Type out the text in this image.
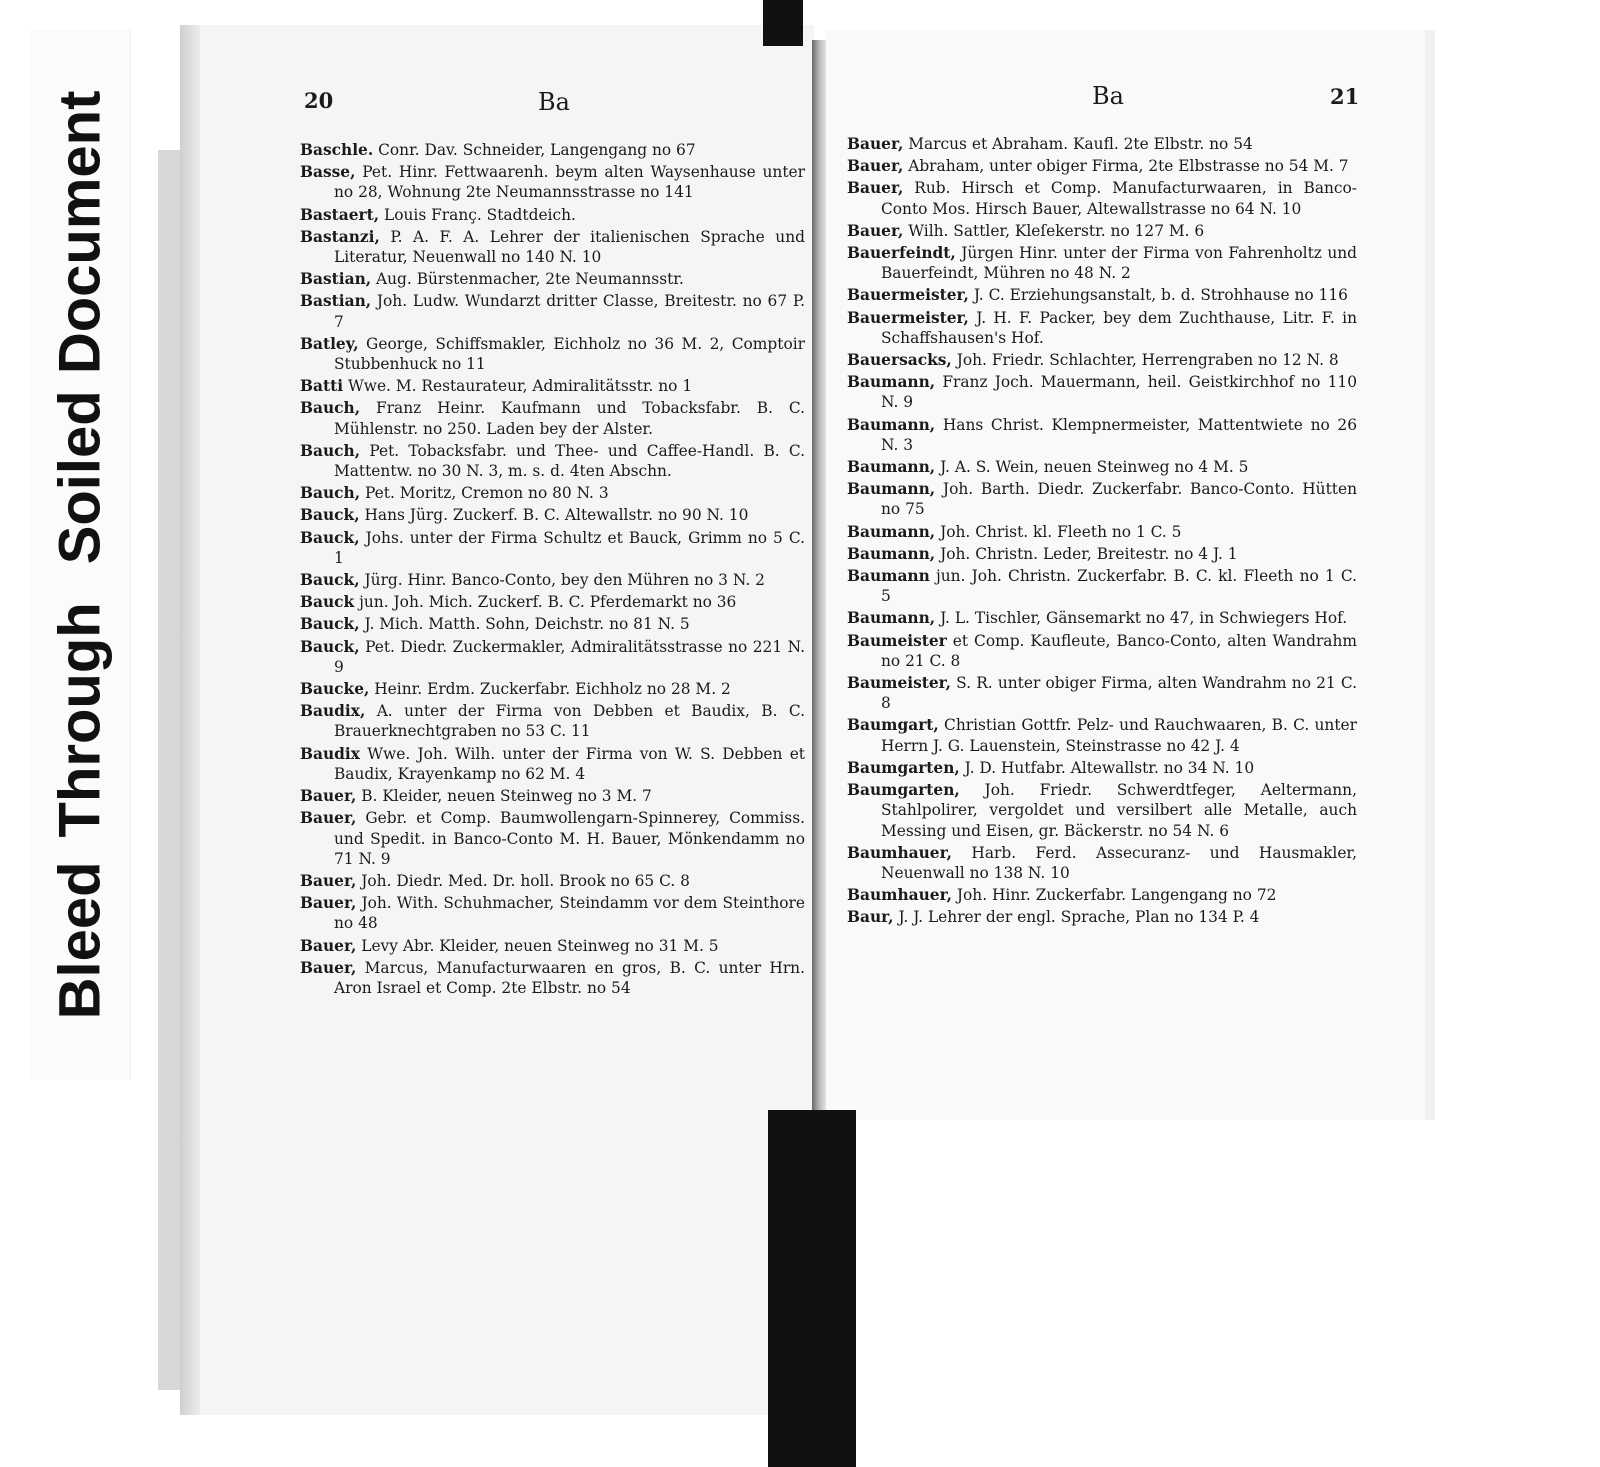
BleedThroughSoiled Document	20	Ba	Ba	21
Baschle. Conr. Dav. Schneider, Langengang no 67
Basse, Pet. Hinr. Fettwaarenh. beym alten Waysenhause unter no 28, Wohnung 2te Neumannsstrasse no 141
Bastaert, Louis Franç. Stadtdeich.
Bastanzi, P. A. F. A. Lehrer der italienischen Sprache und Literatur, Neuenwall no 140 N. 10
Bastian, Aug. Bürstenmacher, 2te Neumannsstr.
Bastian, Joh. Ludw. Wundarzt dritter Classe, Breitestr. no 67 P. 7
Batley, George, Schiffsmakler, Eichholz no 36 M. 2, Comptoir Stubbenhuck no 11
Batti Wwe. M. Restaurateur, Admiralitätsstr. no 1
Bauch, Franz Heinr. Kaufmann und Tobacksfabr. B. C. Mühlenstr. no 250. Laden bey der Alster.
Bauch, Pet. Tobacksfabr. und Thee- und Caffee-Handl. B. C. Mattentw. no 30 N. 3, m. s. d. 4ten Abschn.
Bauch, Pet. Moritz, Cremon no 80 N. 3
Bauck, Hans Jürg. Zuckerf. B. C. Altewallstr. no 90 N. 10
Bauck, Johs. unter der Firma Schultz et Bauck, Grimm no 5 C. 1
Bauck, Jürg. Hinr. Banco-Conto, bey den Mühren no 3 N. 2
Bauck jun. Joh. Mich. Zuckerf. B. C. Pferdemarkt no 36
Bauck, J. Mich. Matth. Sohn, Deichstr. no 81 N. 5
Bauck, Pet. Diedr. Zuckermakler, Admiralitätsstrasse no 221 N. 9
Baucke, Heinr. Erdm. Zuckerfabr. Eichholz no 28 M. 2
Baudix, A. unter der Firma von Debben et Baudix, B. C. Brauerknechtgraben no 53 C. 11
Baudix Wwe. Joh. Wilh. unter der Firma von W. S. Debben et Baudix, Krayenkamp no 62 M. 4
Bauer, B. Kleider, neuen Steinweg no 3 M. 7
Bauer, Gebr. et Comp. Baumwollengarn-Spinnerey, Commiss. und Spedit. in Banco-Conto M. H. Bauer, Mönkendamm no 71 N. 9
Bauer, Joh. Diedr. Med. Dr. holl. Brook no 65 C. 8
Bauer, Joh. With. Schuhmacher, Steindamm vor dem Steinthore no 48
Bauer, Levy Abr. Kleider, neuen Steinweg no 31 M. 5
Bauer, Marcus, Manufacturwaaren en gros, B. C. unter Hrn. Aron Israel et Comp. 2te Elbstr. no 54
Bauer, Marcus et Abraham. Kaufl. 2te Elbstr. no 54
Bauer, Abraham, unter obiger Firma, 2te Elbstrasse no 54 M. 7
Bauer, Rub. Hirsch et Comp. Manufacturwaaren, in Banco-Conto Mos. Hirsch Bauer, Altewallstrasse no 64 N. 10
Bauer, Wilh. Sattler, Kleſekerstr. no 127 M. 6
Bauerfeindt, Jürgen Hinr. unter der Firma von Fahrenholtz und Bauerfeindt, Mühren no 48 N. 2
Bauermeister, J. C. Erziehungsanstalt, b. d. Strohhause no 116
Bauermeister, J. H. F. Packer, bey dem Zuchthause, Litr. F. in Schaffshausen's Hof.
Bauersacks, Joh. Friedr. Schlachter, Herrengraben no 12 N. 8
Baumann, Franz Joch. Mauermann, heil. Geistkirchhof no 110 N. 9
Baumann, Hans Christ. Klempnermeister, Mattentwiete no 26 N. 3
Baumann, J. A. S. Wein, neuen Steinweg no 4 M. 5
Baumann, Joh. Barth. Diedr. Zuckerfabr. Banco-Conto. Hütten no 75
Baumann, Joh. Christ. kl. Fleeth no 1 C. 5
Baumann, Joh. Christn. Leder, Breitestr. no 4 J. 1
Baumann jun. Joh. Christn. Zuckerfabr. B. C. kl. Fleeth no 1 C. 5
Baumann, J. L. Tischler, Gänsemarkt no 47, in Schwiegers Hof.
Baumeister et Comp. Kaufleute, Banco-Conto, alten Wandrahm no 21 C. 8
Baumeister, S. R. unter obiger Firma, alten Wandrahm no 21 C. 8
Baumgart, Christian Gottfr. Pelz- und Rauchwaaren, B. C. unter Herrn J. G. Lauenstein, Steinstrasse no 42 J. 4
Baumgarten, J. D. Hutfabr. Altewallstr. no 34 N. 10
Baumgarten, Joh. Friedr. Schwerdtfeger, Aeltermann, Stahlpolirer, vergoldet und versilbert alle Metalle, auch Messing und Eisen, gr. Bäckerstr. no 54 N. 6
Baumhauer, Harb. Ferd. Assecuranz- und Hausmakler, Neuenwall no 138 N. 10
Baumhauer, Joh. Hinr. Zuckerfabr. Langengang no 72
Baur, J. J. Lehrer der engl. Sprache, Plan no 134 P. 4
